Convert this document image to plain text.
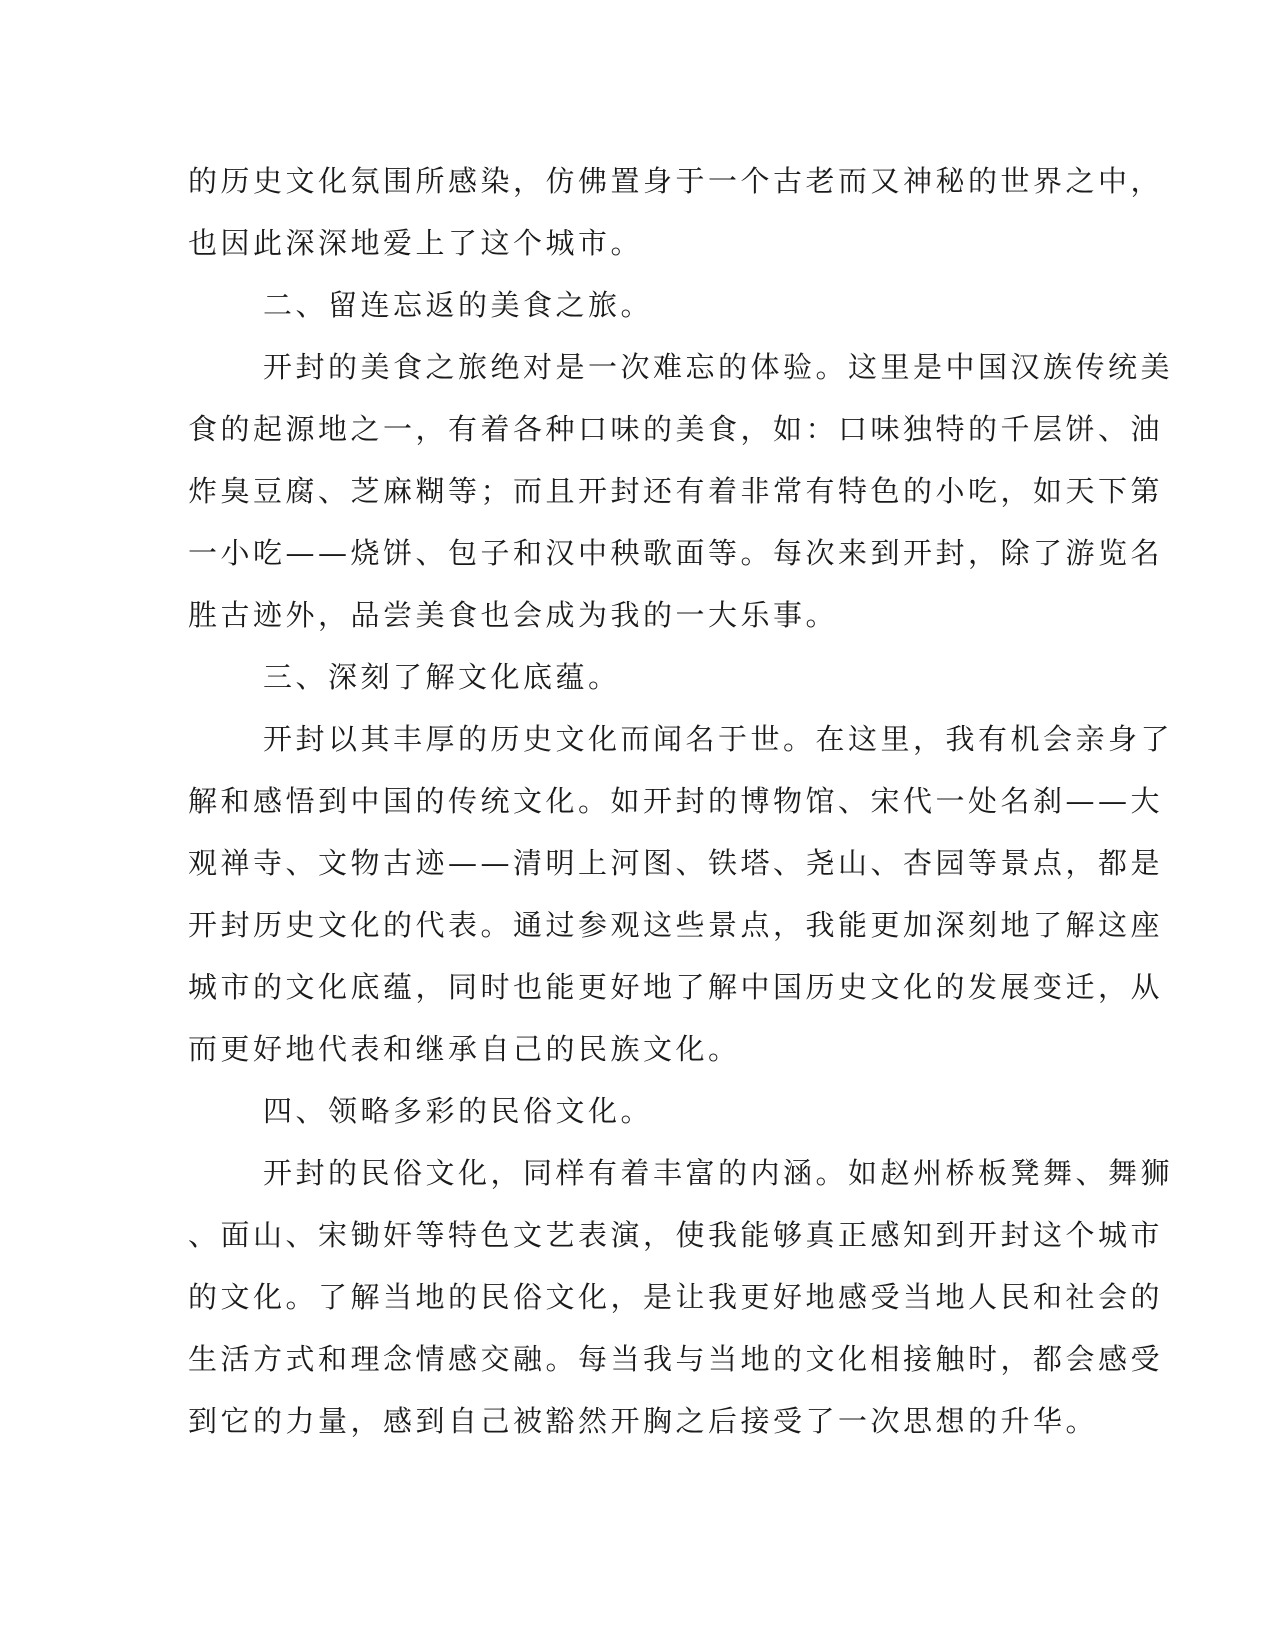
的历史文化氛围所感染，仿佛置身于一个古老而又神秘的世界之中，
也因此深深地爱上了这个城市。
二、留连忘返的美食之旅。
开封的美食之旅绝对是一次难忘的体验。这里是中国汉族传统美
食的起源地之一，有着各种口味的美食，如：口味独特的千层饼、油
炸臭豆腐、芝麻糊等；而且开封还有着非常有特色的小吃，如天下第
一小吃——烧饼、包子和汉中秧歌面等。每次来到开封，除了游览名
胜古迹外，品尝美食也会成为我的一大乐事。
三、深刻了解文化底蕴。
开封以其丰厚的历史文化而闻名于世。在这里，我有机会亲身了
解和感悟到中国的传统文化。如开封的博物馆、宋代一处名刹——大
观禅寺、文物古迹——清明上河图、铁塔、尧山、杏园等景点，都是
开封历史文化的代表。通过参观这些景点，我能更加深刻地了解这座
城市的文化底蕴，同时也能更好地了解中国历史文化的发展变迁，从
而更好地代表和继承自己的民族文化。
四、领略多彩的民俗文化。
开封的民俗文化，同样有着丰富的内涵。如赵州桥板凳舞、舞狮
、面山、宋锄奸等特色文艺表演，使我能够真正感知到开封这个城市
的文化。了解当地的民俗文化，是让我更好地感受当地人民和社会的
生活方式和理念情感交融。每当我与当地的文化相接触时，都会感受
到它的力量，感到自己被豁然开胸之后接受了一次思想的升华。
